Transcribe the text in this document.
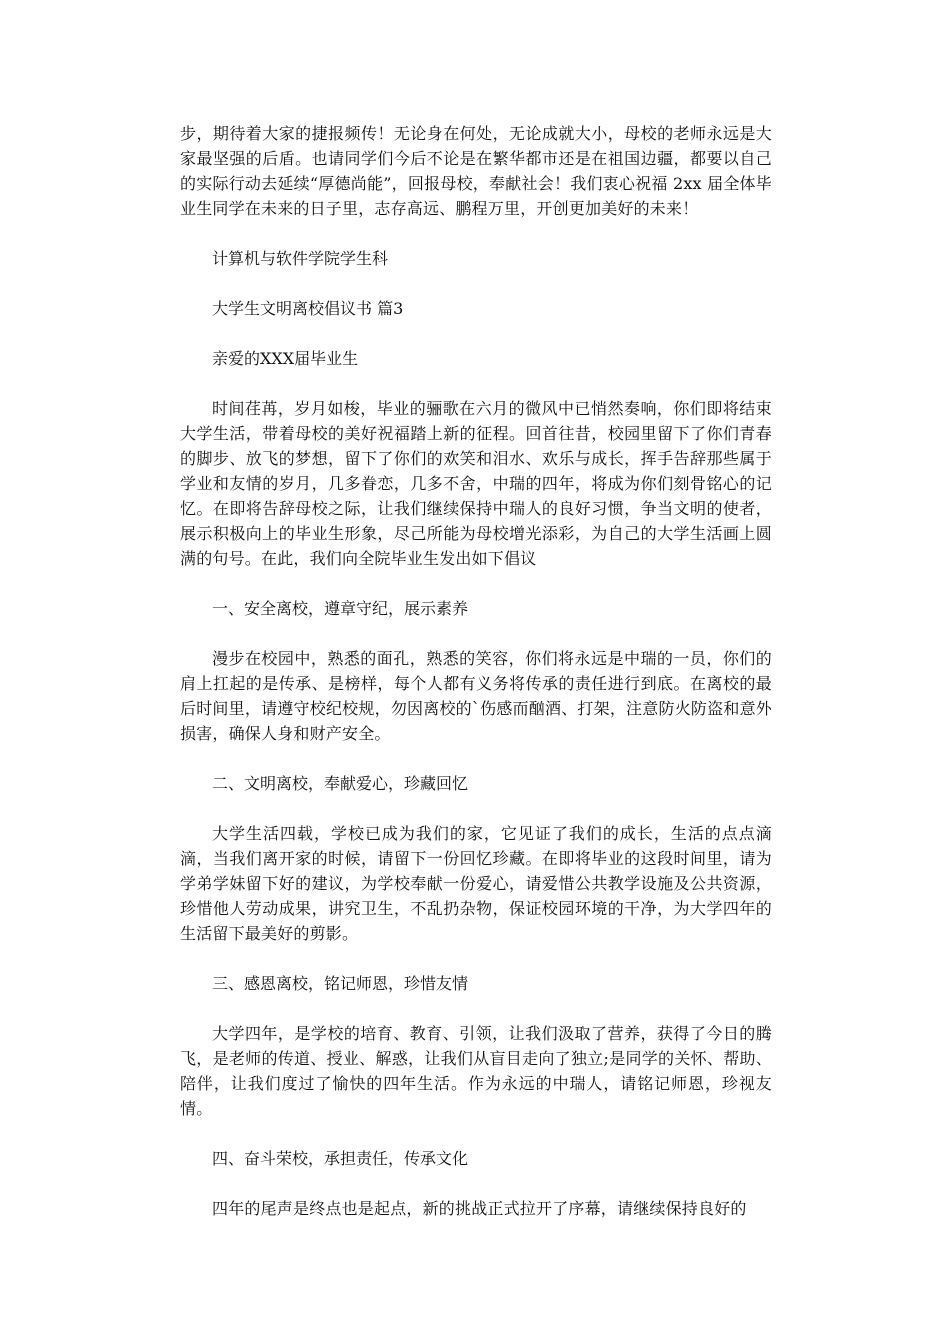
步，期待着大家的捷报频传！无论身在何处，无论成就大小，母校的老师永远是大家最坚强的后盾。也请同学们今后不论是在繁华都市还是在祖国边疆，都要以自己的实际行动去延续“厚德尚能”，回报母校，奉献社会！我们衷心祝福 2xx 届全体毕业生同学在未来的日子里，志存高远、鹏程万里，开创更加美好的未来！

计算机与软件学院学生科

大学生文明离校倡议书 篇3

亲爱的XXX届毕业生

时间荏苒，岁月如梭，毕业的骊歌在六月的微风中已悄然奏响，你们即将结束大学生活，带着母校的美好祝福踏上新的征程。回首往昔，校园里留下了你们青春的脚步、放飞的梦想，留下了你们的欢笑和泪水、欢乐与成长，挥手告辞那些属于学业和友情的岁月，几多眷恋，几多不舍，中瑞的四年，将成为你们刻骨铭心的记忆。在即将告辞母校之际，让我们继续保持中瑞人的良好习惯，争当文明的使者，展示积极向上的毕业生形象，尽己所能为母校增光添彩，为自己的大学生活画上圆满的句号。在此，我们向全院毕业生发出如下倡议

一、安全离校，遵章守纪，展示素养

漫步在校园中，熟悉的面孔，熟悉的笑容，你们将永远是中瑞的一员，你们的肩上扛起的是传承、是榜样，每个人都有义务将传承的责任进行到底。在离校的最后时间里，请遵守校纪校规，勿因离校的`伤感而酗酒、打架，注意防火防盗和意外损害，确保人身和财产安全。

二、文明离校，奉献爱心，珍藏回忆

大学生活四载，学校已成为我们的家，它见证了我们的成长，生活的点点滴滴，当我们离开家的时候，请留下一份回忆珍藏。在即将毕业的这段时间里，请为学弟学妹留下好的建议，为学校奉献一份爱心，请爱惜公共教学设施及公共资源，珍惜他人劳动成果，讲究卫生，不乱扔杂物，保证校园环境的干净，为大学四年的生活留下最美好的剪影。

三、感恩离校，铭记师恩，珍惜友情

大学四年，是学校的培育、教育、引领，让我们汲取了营养，获得了今日的腾飞，是老师的传道、授业、解惑，让我们从盲目走向了独立;是同学的关怀、帮助、陪伴，让我们度过了愉快的四年生活。作为永远的中瑞人，请铭记师恩，珍视友情。

四、奋斗荣校，承担责任，传承文化

四年的尾声是终点也是起点，新的挑战正式拉开了序幕，请继续保持良好的
